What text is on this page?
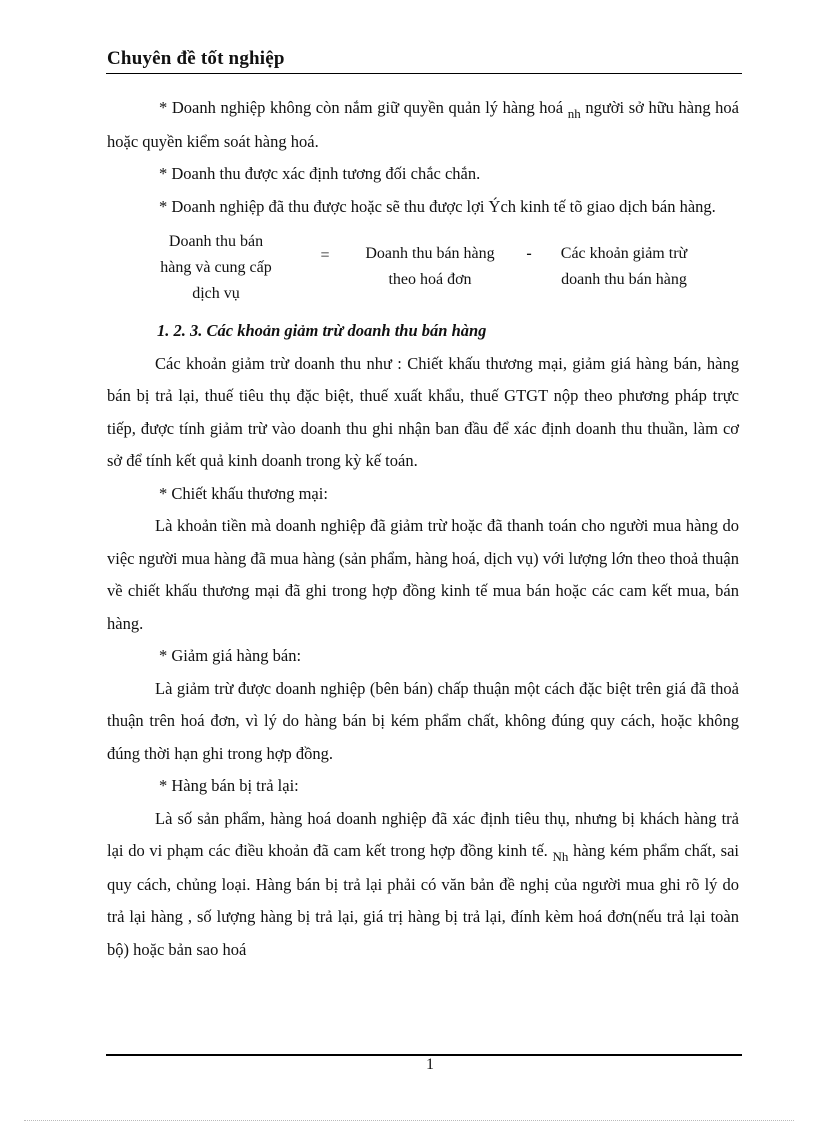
Chuyên đề tốt nghiệp

* Doanh nghiệp không còn nắm giữ quyền quản lý hàng hoá $_{nh}$ người sở hữu hàng hoá hoặc quyền kiểm soát hàng hoá.

* Doanh thu được xác định tương đối chắc chắn.

* Doanh nghiệp đã thu được hoặc sẽ thu được lợi Ých kinh tế tõ giao dịch bán hàng.

Doanh thu bán
hàng và cung cấp
dịch vụ
=	Doanh thu bán hàng
theo hoá đơn
-	Các khoản giảm trừ
doanh thu bán hàng

1. 2. 3. Các khoản giảm trừ doanh thu bán hàng

Các khoản giảm trừ doanh thu như : Chiết khấu thương mại, giảm giá hàng bán, hàng bán bị trả lại, thuế tiêu thụ đặc biệt, thuế xuất khẩu, thuế GTGT nộp theo phương pháp trực tiếp, được tính giảm trừ vào doanh thu ghi nhận ban đầu để xác định doanh thu thuần, làm cơ sở để tính kết quả kinh doanh trong kỳ kế toán.

* Chiết khấu thương mại:

Là khoản tiền mà doanh nghiệp đã giảm trừ hoặc đã thanh toán cho người mua hàng do việc người mua hàng đã mua hàng (sản phẩm, hàng hoá, dịch vụ) với lượng lớn theo thoả thuận về chiết khấu thương mại đã ghi trong hợp đồng kinh tế mua bán hoặc các cam kết mua, bán hàng.

* Giảm giá hàng bán:

Là giảm trừ được doanh nghiệp (bên bán) chấp thuận một cách đặc biệt trên giá đã thoả thuận trên hoá đơn, vì lý do hàng bán bị kém phẩm chất, không đúng quy cách, hoặc không đúng thời hạn ghi trong hợp đồng.

* Hàng bán bị trả lại:

Là số sản phẩm, hàng hoá doanh nghiệp đã xác định tiêu thụ, nhưng bị khách hàng trả lại do vi phạm các điều khoản đã cam kết trong hợp đồng kinh tế. $_{Nh}$ hàng kém phẩm chất, sai quy cách, chủng loại. Hàng bán bị trả lại phải có văn bản đề nghị của người mua ghi rõ lý do trả lại hàng , số lượng hàng bị trả lại, giá trị hàng bị trả lại, đính kèm hoá đơn(nếu trả lại toàn bộ) hoặc bản sao hoá

1
